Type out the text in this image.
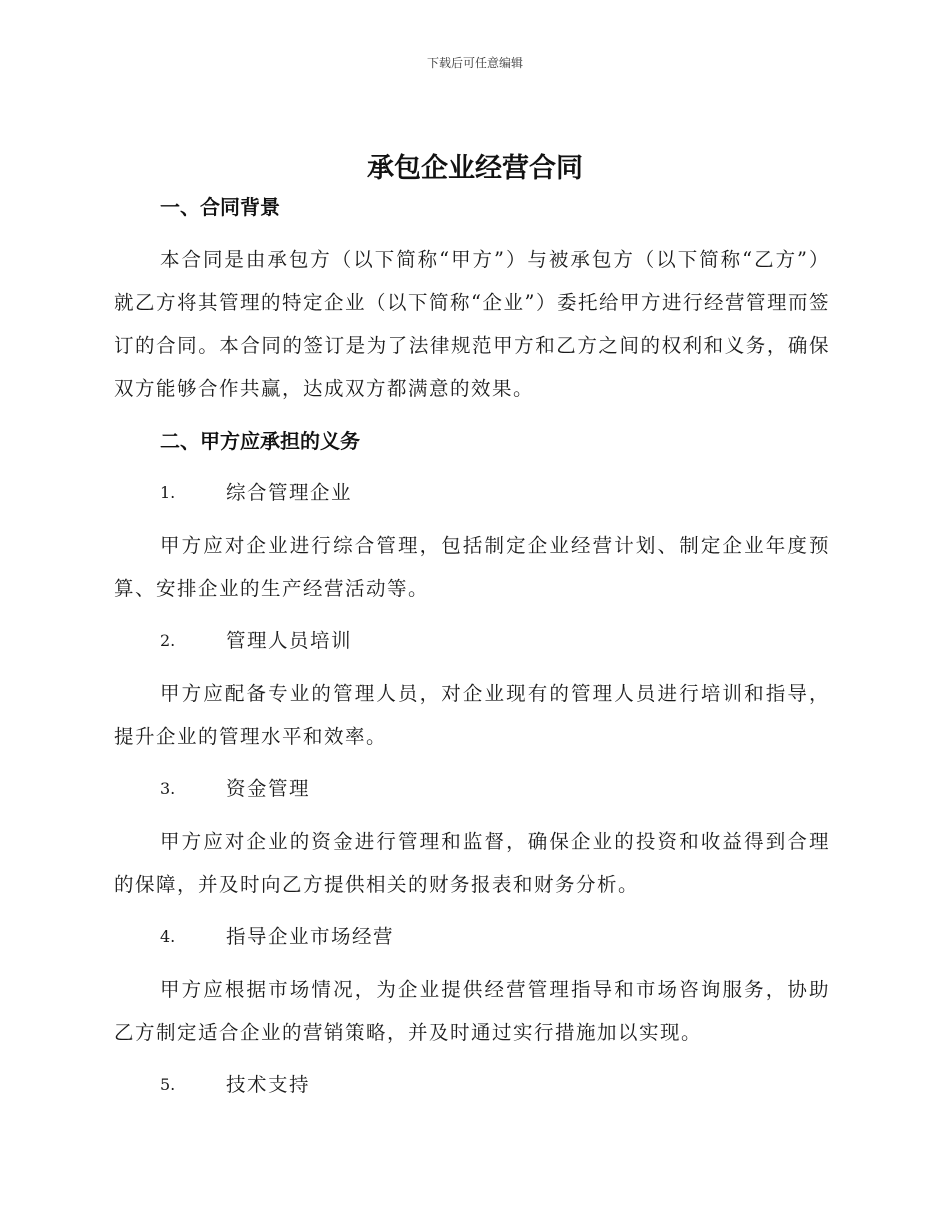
下载后可任意编辑
承包企业经营合同
一、合同背景

本合同是由承包方（以下简称“甲方”）与被承包方（以下简称“乙方”）就乙方将其管理的特定企业（以下简称“企业”）委托给甲方进行经营管理而签订的合同。本合同的签订是为了法律规范甲方和乙方之间的权利和义务，确保双方能够合作共赢，达成双方都满意的效果。

二、甲方应承担的义务
1.	综合管理企业

甲方应对企业进行综合管理，包括制定企业经营计划、制定企业年度预算、安排企业的生产经营活动等。

2.	管理人员培训

甲方应配备专业的管理人员，对企业现有的管理人员进行培训和指导，提升企业的管理水平和效率。

3.	资金管理

甲方应对企业的资金进行管理和监督，确保企业的投资和收益得到合理的保障，并及时向乙方提供相关的财务报表和财务分析。

4.	指导企业市场经营

甲方应根据市场情况，为企业提供经营管理指导和市场咨询服务，协助乙方制定适合企业的营销策略，并及时通过实行措施加以实现。

5.	技术支持
